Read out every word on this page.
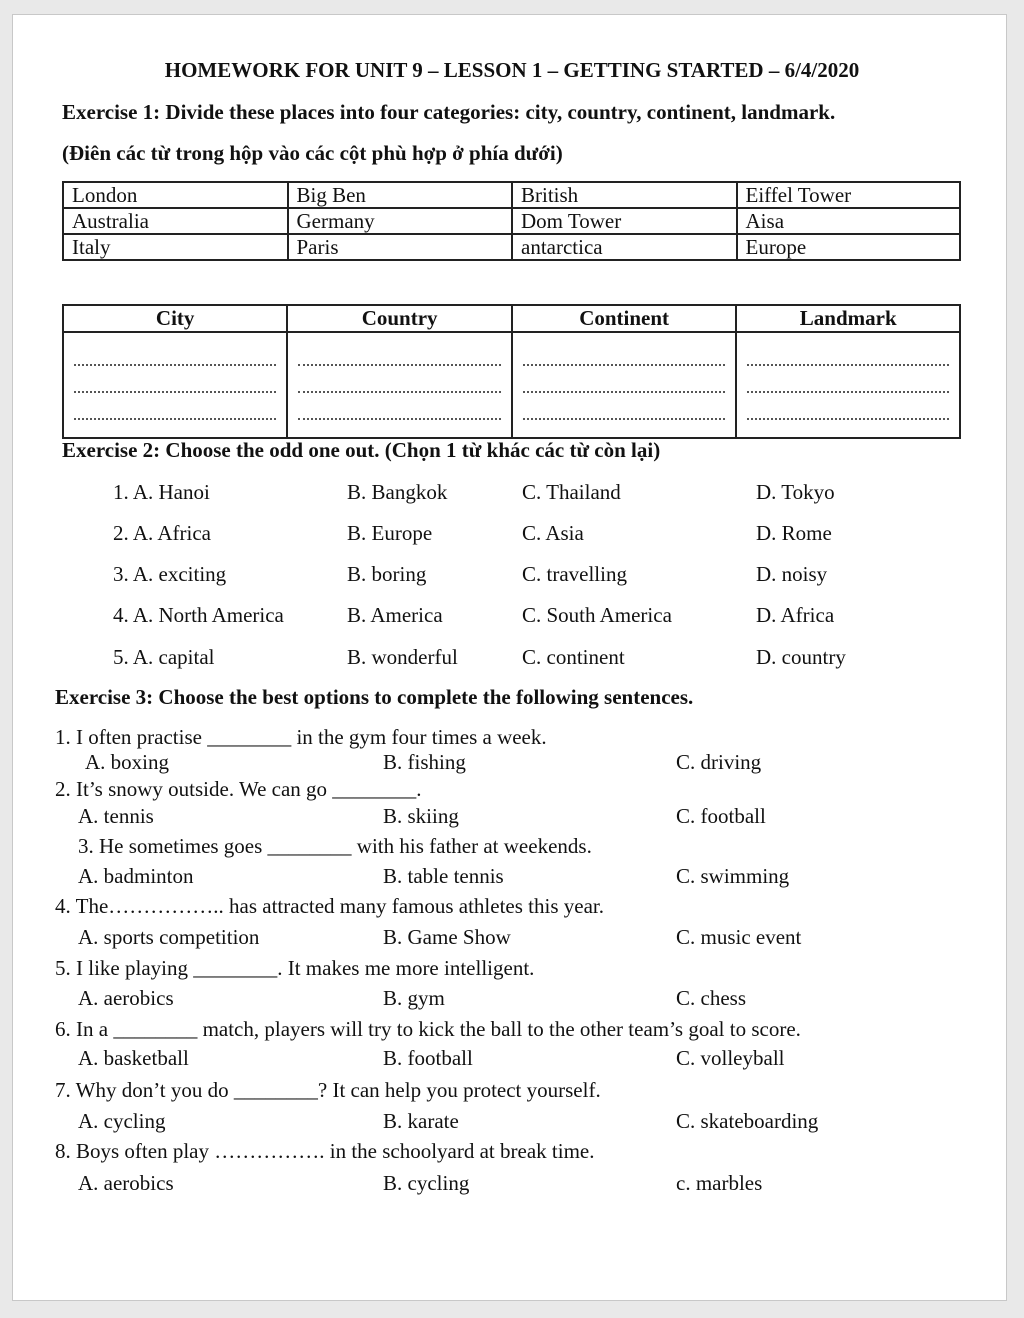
HOMEWORK FOR UNIT 9 – LESSON 1 – GETTING STARTED – 6/4/2020
Exercise 1: Divide these places into four categories: city, country, continent, landmark.
(Điên các từ trong hộp vào các cột phù hợp ở phía dưới)
London	Big Ben	British	Eiffel Tower
Australia	Germany	Dom Tower	Aisa
Italy	Paris	antarctica	Europe
City	Country	Continent	Landmark

Exercise 2: Choose the odd one out. (Chọn 1 từ khác các từ còn lại)
1. A. Hanoi	B. Bangkok	C. Thailand	D. Tokyo
2. A. Africa	B. Europe	C. Asia	D. Rome
3. A. exciting	B. boring	C. travelling	D. noisy
4. A. North America	B. America	C. South America	D. Africa
5. A. capital	B. wonderful	C. continent	D. country
Exercise 3: Choose the best options to complete the following sentences.
1. I often practise ________ in the gym four times a week.
A. boxing	B. fishing	C. driving
2. It’s snowy outside. We can go ________.
A. tennis	B. skiing	C. football
3. He sometimes goes ________ with his father at weekends.
A. badminton	B. table tennis	C. swimming
4. The…………….. has attracted many famous athletes this year.
A. sports competition	B. Game Show	C. music event
5. I like playing ________. It makes me more intelligent.
A. aerobics	B. gym	C. chess
6. In a ________ match, players will try to kick the ball to the other team’s goal to score.
A. basketball	B. football	C. volleyball
7. Why don’t you do ________? It can help you protect yourself.
A. cycling	B. karate	C. skateboarding
8. Boys often play ……………. in the schoolyard at break time.
A. aerobics	B. cycling	c. marbles
